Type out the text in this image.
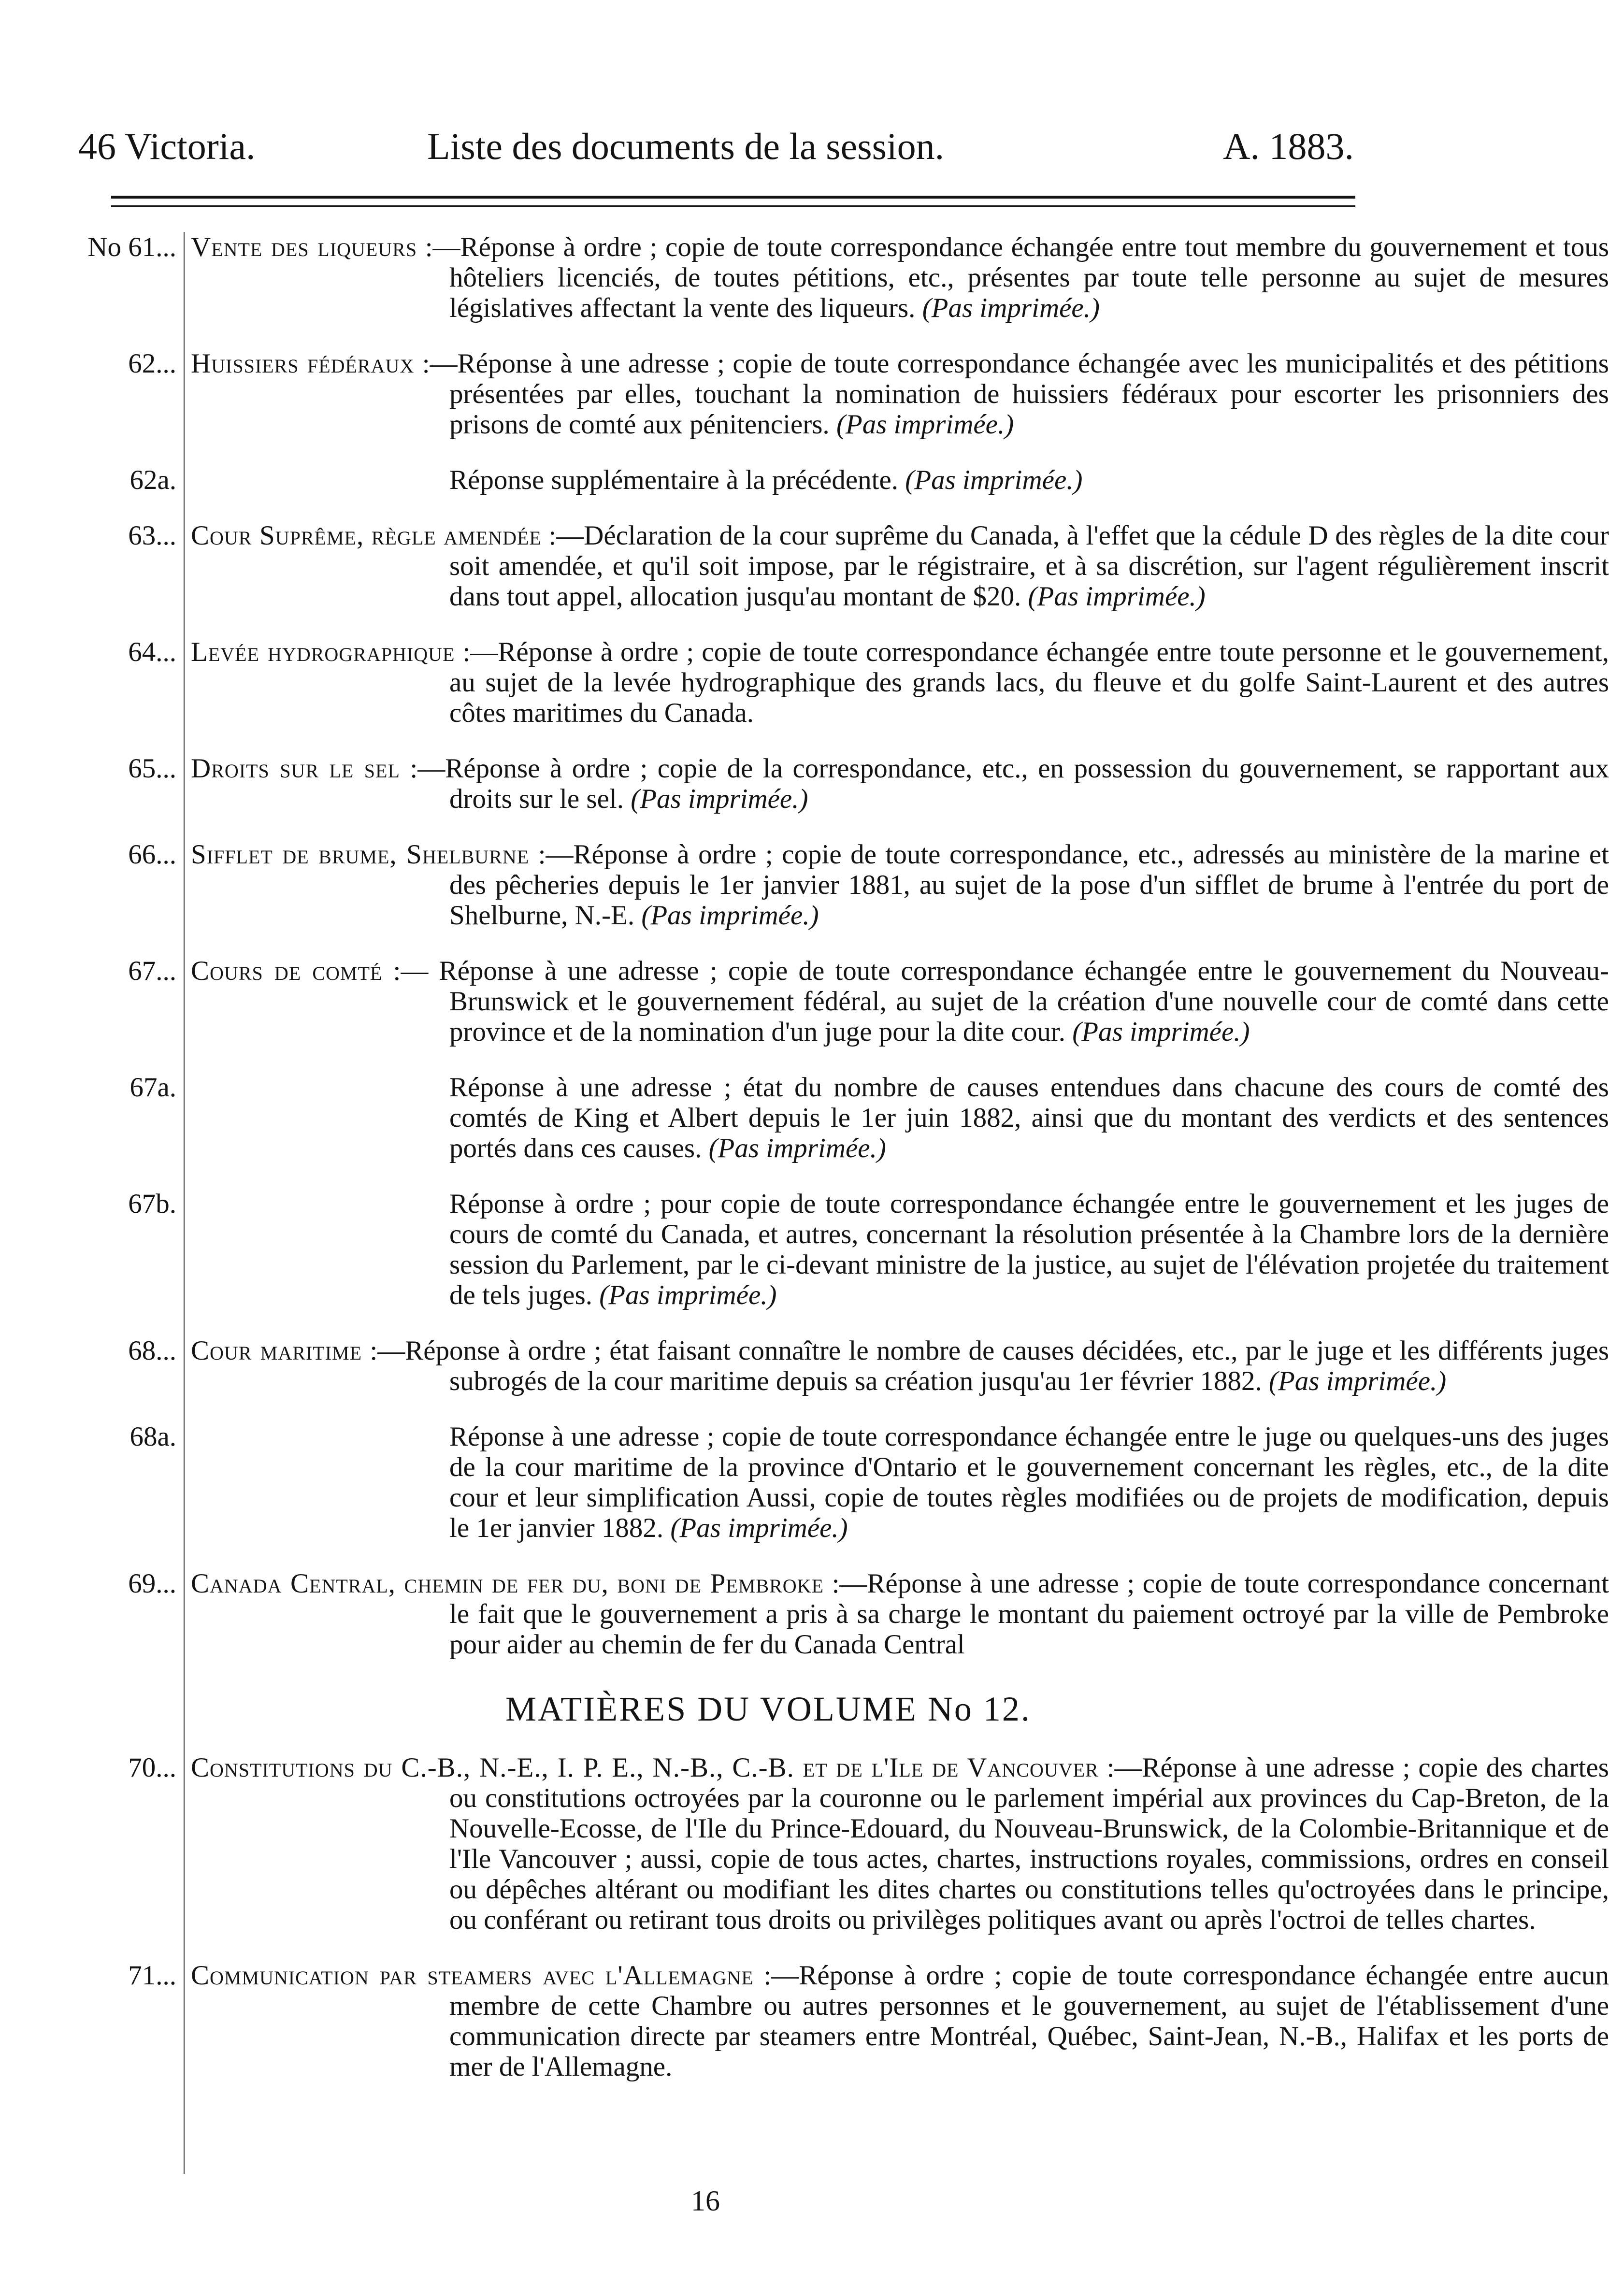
46 Victoria.	Liste des documents de la session.	A. 1883.
No 61... Vente des liqueurs :—Réponse à ordre ; copie de toute correspondance échangée entre tout membre du gouvernement et tous hôteliers licenciés, de toutes pétitions, etc., présentes par toute telle personne au sujet de mesures législatives affectant la vente des liqueurs. (Pas imprimée.)
62... Huissiers fédéraux :—Réponse à une adresse ; copie de toute correspondance échangée avec les municipalités et des pétitions présentées par elles, touchant la nomination de huissiers fédéraux pour escorter les prisonniers des prisons de comté aux pénitenciers. (Pas imprimée.)
62a.	Réponse supplémentaire à la précédente. (Pas imprimée.)
63... Cour Suprême, règle amendée :—Déclaration de la cour suprême du Canada, à l'effet que la cédule D des règles de la dite cour soit amendée, et qu'il soit impose, par le régistraire, et à sa discrétion, sur l'agent régulièrement inscrit dans tout appel, allocation jusqu'au montant de $20. (Pas imprimée.)
64... Levée hydrographique :—Réponse à ordre ; copie de toute correspondance échangée entre toute personne et le gouvernement, au sujet de la levée hydrographique des grands lacs, du fleuve et du golfe Saint-Laurent et des autres côtes maritimes du Canada.
65... Droits sur le sel :—Réponse à ordre ; copie de la correspondance, etc., en possession du gouvernement, se rapportant aux droits sur le sel. (Pas imprimée.)
66... Sifflet de brume, Shelburne :—Réponse à ordre ; copie de toute correspondance, etc., adressés au ministère de la marine et des pêcheries depuis le 1er janvier 1881, au sujet de la pose d'un sifflet de brume à l'entrée du port de Shelburne, N.-E. (Pas imprimée.)
67... Cours de comté :— Réponse à une adresse ; copie de toute correspondance échangée entre le gouvernement du Nouveau-Brunswick et le gouvernement fédéral, au sujet de la création d'une nouvelle cour de comté dans cette province et de la nomination d'un juge pour la dite cour. (Pas imprimée.)
67a.	Réponse à une adresse ; état du nombre de causes entendues dans chacune des cours de comté des comtés de King et Albert depuis le 1er juin 1882, ainsi que du montant des verdicts et des sentences portés dans ces causes. (Pas imprimée.)
67b.	Réponse à ordre ; pour copie de toute correspondance échangée entre le gouvernement et les juges de cours de comté du Canada, et autres, concernant la résolution présentée à la Chambre lors de la dernière session du Parlement, par le ci-devant ministre de la justice, au sujet de l'élévation projetée du traitement de tels juges. (Pas imprimée.)
68... Cour maritime :—Réponse à ordre ; état faisant connaître le nombre de causes décidées, etc., par le juge et les différents juges subrogés de la cour maritime depuis sa création jusqu'au 1er février 1882. (Pas imprimée.)
68a.	Réponse à une adresse ; copie de toute correspondance échangée entre le juge ou quelques-uns des juges de la cour maritime de la province d'Ontario et le gouvernement concernant les règles, etc., de la dite cour et leur simplification Aussi, copie de toutes règles modifiées ou de projets de modification, depuis le 1er janvier 1882. (Pas imprimée.)
69... Canada Central, chemin de fer du, boni de Pembroke :—Réponse à une adresse ; copie de toute correspondance concernant le fait que le gouvernement a pris à sa charge le montant du paiement octroyé par la ville de Pembroke pour aider au chemin de fer du Canada Central
MATIÈRES DU VOLUME No 12.
70... Constitutions du C.-B., N.-E., I. P. E., N.-B., C.-B. et de l'Ile de Vancouver :—Réponse à une adresse ; copie des chartes ou constitutions octroyées par la couronne ou le parlement impérial aux provinces du Cap-Breton, de la Nouvelle-Ecosse, de l'Ile du Prince-Edouard, du Nouveau-Brunswick, de la Colombie-Britannique et de l'Ile Vancouver ; aussi, copie de tous actes, chartes, instructions royales, commissions, ordres en conseil ou dépêches altérant ou modifiant les dites chartes ou constitutions telles qu'octroyées dans le principe, ou conférant ou retirant tous droits ou privilèges politiques avant ou après l'octroi de telles chartes.
71... Communication par steamers avec l'Allemagne :—Réponse à ordre ; copie de toute correspondance échangée entre aucun membre de cette Chambre ou autres personnes et le gouvernement, au sujet de l'établissement d'une communication directe par steamers entre Montréal, Québec, Saint-Jean, N.-B., Halifax et les ports de mer de l'Allemagne.
16
